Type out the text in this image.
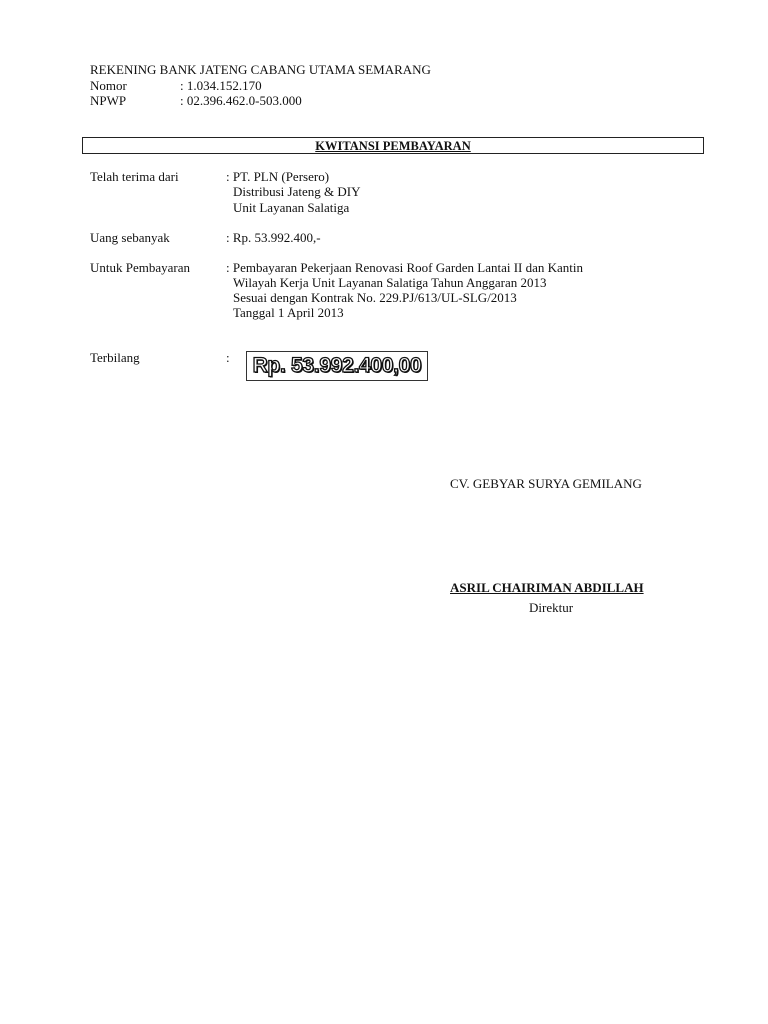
REKENING BANK JATENG CABANG UTAMA SEMARANG
Nomor	: 1.034.152.170
NPWP	: 02.396.462.0-503.000
KWITANSI PEMBAYARAN
Telah terima dari	: PT. PLN (Persero)
Distribusi Jateng & DIY
Unit Layanan Salatiga
Uang sebanyak	: Rp. 53.992.400,-
Untuk Pembayaran	: Pembayaran Pekerjaan Renovasi Roof Garden Lantai II dan Kantin
Wilayah Kerja Unit Layanan Salatiga Tahun Anggaran 2013
Sesuai dengan Kontrak No. 229.PJ/613/UL-SLG/2013
Tanggal 1 April 2013
Terbilang	: Rp. 53.992.400,00
CV. GEBYAR SURYA GEMILANG
ASRIL CHAIRIMAN ABDILLAH
Direktur
